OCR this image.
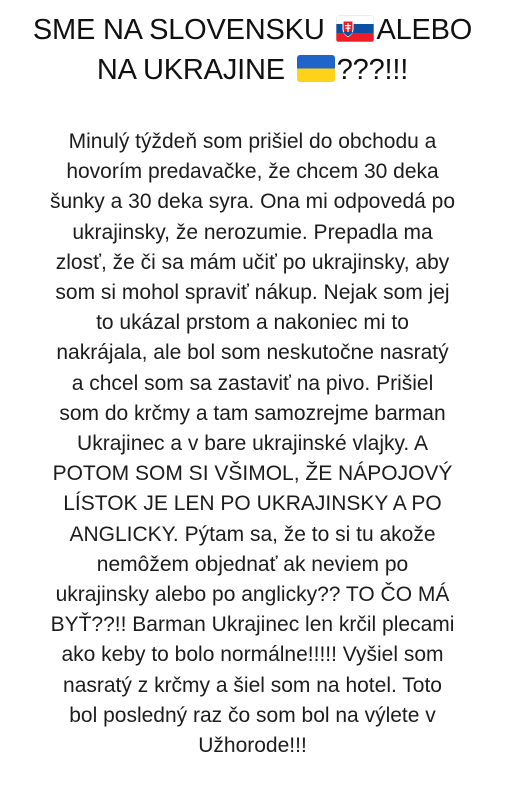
SME NA SLOVENSKU
ALEBO
NA UKRAJINE
???!!!
Minulý týždeň som prišiel do obchodu a
hovorím predavačke, že chcem 30 deka
šunky a 30 deka syra. Ona mi odpovedá po
ukrajinsky, že nerozumie. Prepadla ma
zlosť, že či sa mám učiť po ukrajinsky, aby
som si mohol spraviť nákup. Nejak som jej
to ukázal prstom a nakoniec mi to
nakrájala, ale bol som neskutočne nasratý
a chcel som sa zastaviť na pivo. Prišiel
som do krčmy a tam samozrejme barman
Ukrajinec a v bare ukrajinské vlajky. A
POTOM SOM SI VŠIMOL, ŽE NÁPOJOVÝ
LÍSTOK JE LEN PO UKRAJINSKY A PO
ANGLICKY. Pýtam sa, že to si tu akože
nemôžem objednať ak neviem po
ukrajinsky alebo po anglicky?? TO ČO MÁ
BYŤ??!! Barman Ukrajinec len krčil plecami
ako keby to bolo normálne!!!!! Vyšiel som
nasratý z krčmy a šiel som na hotel. Toto
bol posledný raz čo som bol na výlete v
Užhorode!!!
